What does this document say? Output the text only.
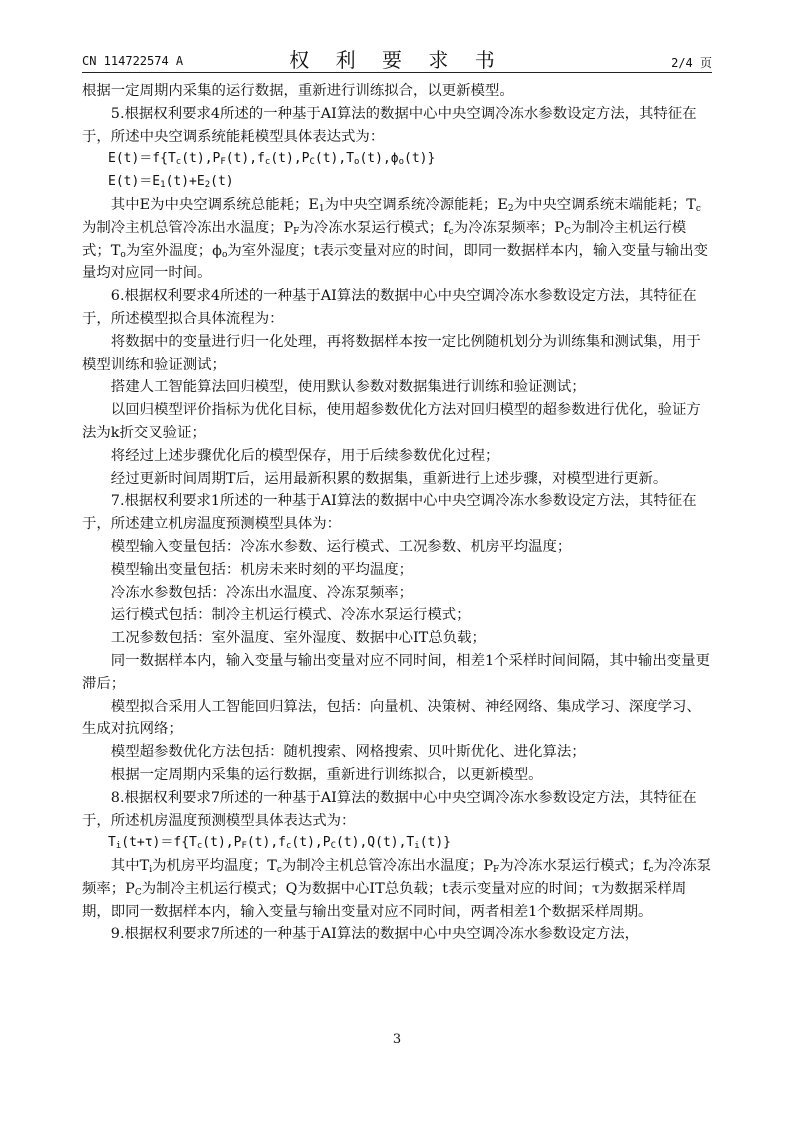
CN 114722574 A	权 利 要 求 书	2/4 页

根据一定周期内采集的运行数据，重新进行训练拟合，以更新模型。

5.根据权利要求4所述的一种基于AI算法的数据中心中央空调冷冻水参数设定方法，其特征在于，所述中央空调系统能耗模型具体表达式为：

$E(t)=f\{T_c(t),P_F(t),f_c(t),P_C(t),T_o(t),\phi_o(t)\}$

$E(t)=E_1(t)+E_2(t)$

其中E为中央空调系统总能耗；$E_1$为中央空调系统冷源能耗；$E_2$为中央空调系统末端能耗；$T_c$为制冷主机总管冷冻出水温度；$P_F$为冷冻水泵运行模式；$f_c$为冷冻泵频率；$P_C$为制冷主机运行模式；$T_o$为室外温度；$\phi_o$为室外湿度；t表示变量对应的时间，即同一数据样本内，输入变量与输出变量均对应同一时间。

6.根据权利要求4所述的一种基于AI算法的数据中心中央空调冷冻水参数设定方法，其特征在于，所述模型拟合具体流程为：

将数据中的变量进行归一化处理，再将数据样本按一定比例随机划分为训练集和测试集，用于模型训练和验证测试；

搭建人工智能算法回归模型，使用默认参数对数据集进行训练和验证测试；

以回归模型评价指标为优化目标，使用超参数优化方法对回归模型的超参数进行优化，验证方法为k折交叉验证；

将经过上述步骤优化后的模型保存，用于后续参数优化过程；

经过更新时间周期T后，运用最新积累的数据集，重新进行上述步骤，对模型进行更新。

7.根据权利要求1所述的一种基于AI算法的数据中心中央空调冷冻水参数设定方法，其特征在于，所述建立机房温度预测模型具体为：

模型输入变量包括：冷冻水参数、运行模式、工况参数、机房平均温度；

模型输出变量包括：机房未来时刻的平均温度；

冷冻水参数包括：冷冻出水温度、冷冻泵频率；

运行模式包括：制冷主机运行模式、冷冻水泵运行模式；

工况参数包括：室外温度、室外湿度、数据中心IT总负载；

同一数据样本内，输入变量与输出变量对应不同时间，相差1个采样时间间隔，其中输出变量更滞后；

模型拟合采用人工智能回归算法，包括：向量机、决策树、神经网络、集成学习、深度学习、生成对抗网络；

模型超参数优化方法包括：随机搜索、网格搜索、贝叶斯优化、进化算法；

根据一定周期内采集的运行数据，重新进行训练拟合，以更新模型。

8.根据权利要求7所述的一种基于AI算法的数据中心中央空调冷冻水参数设定方法，其特征在于，所述机房温度预测模型具体表达式为：

$T_i(t+\tau)=f\{T_c(t),P_F(t),f_c(t),P_C(t),Q(t),T_i(t)\}$

其中$T_i$为机房平均温度；$T_c$为制冷主机总管冷冻出水温度；$P_F$为冷冻水泵运行模式；$f_c$为冷冻泵频率；$P_C$为制冷主机运行模式；Q为数据中心IT总负载；t表示变量对应的时间；τ为数据采样周期，即同一数据样本内，输入变量与输出变量对应不同时间，两者相差1个数据采样周期。

9.根据权利要求7所述的一种基于AI算法的数据中心中央空调冷冻水参数设定方法，

3
